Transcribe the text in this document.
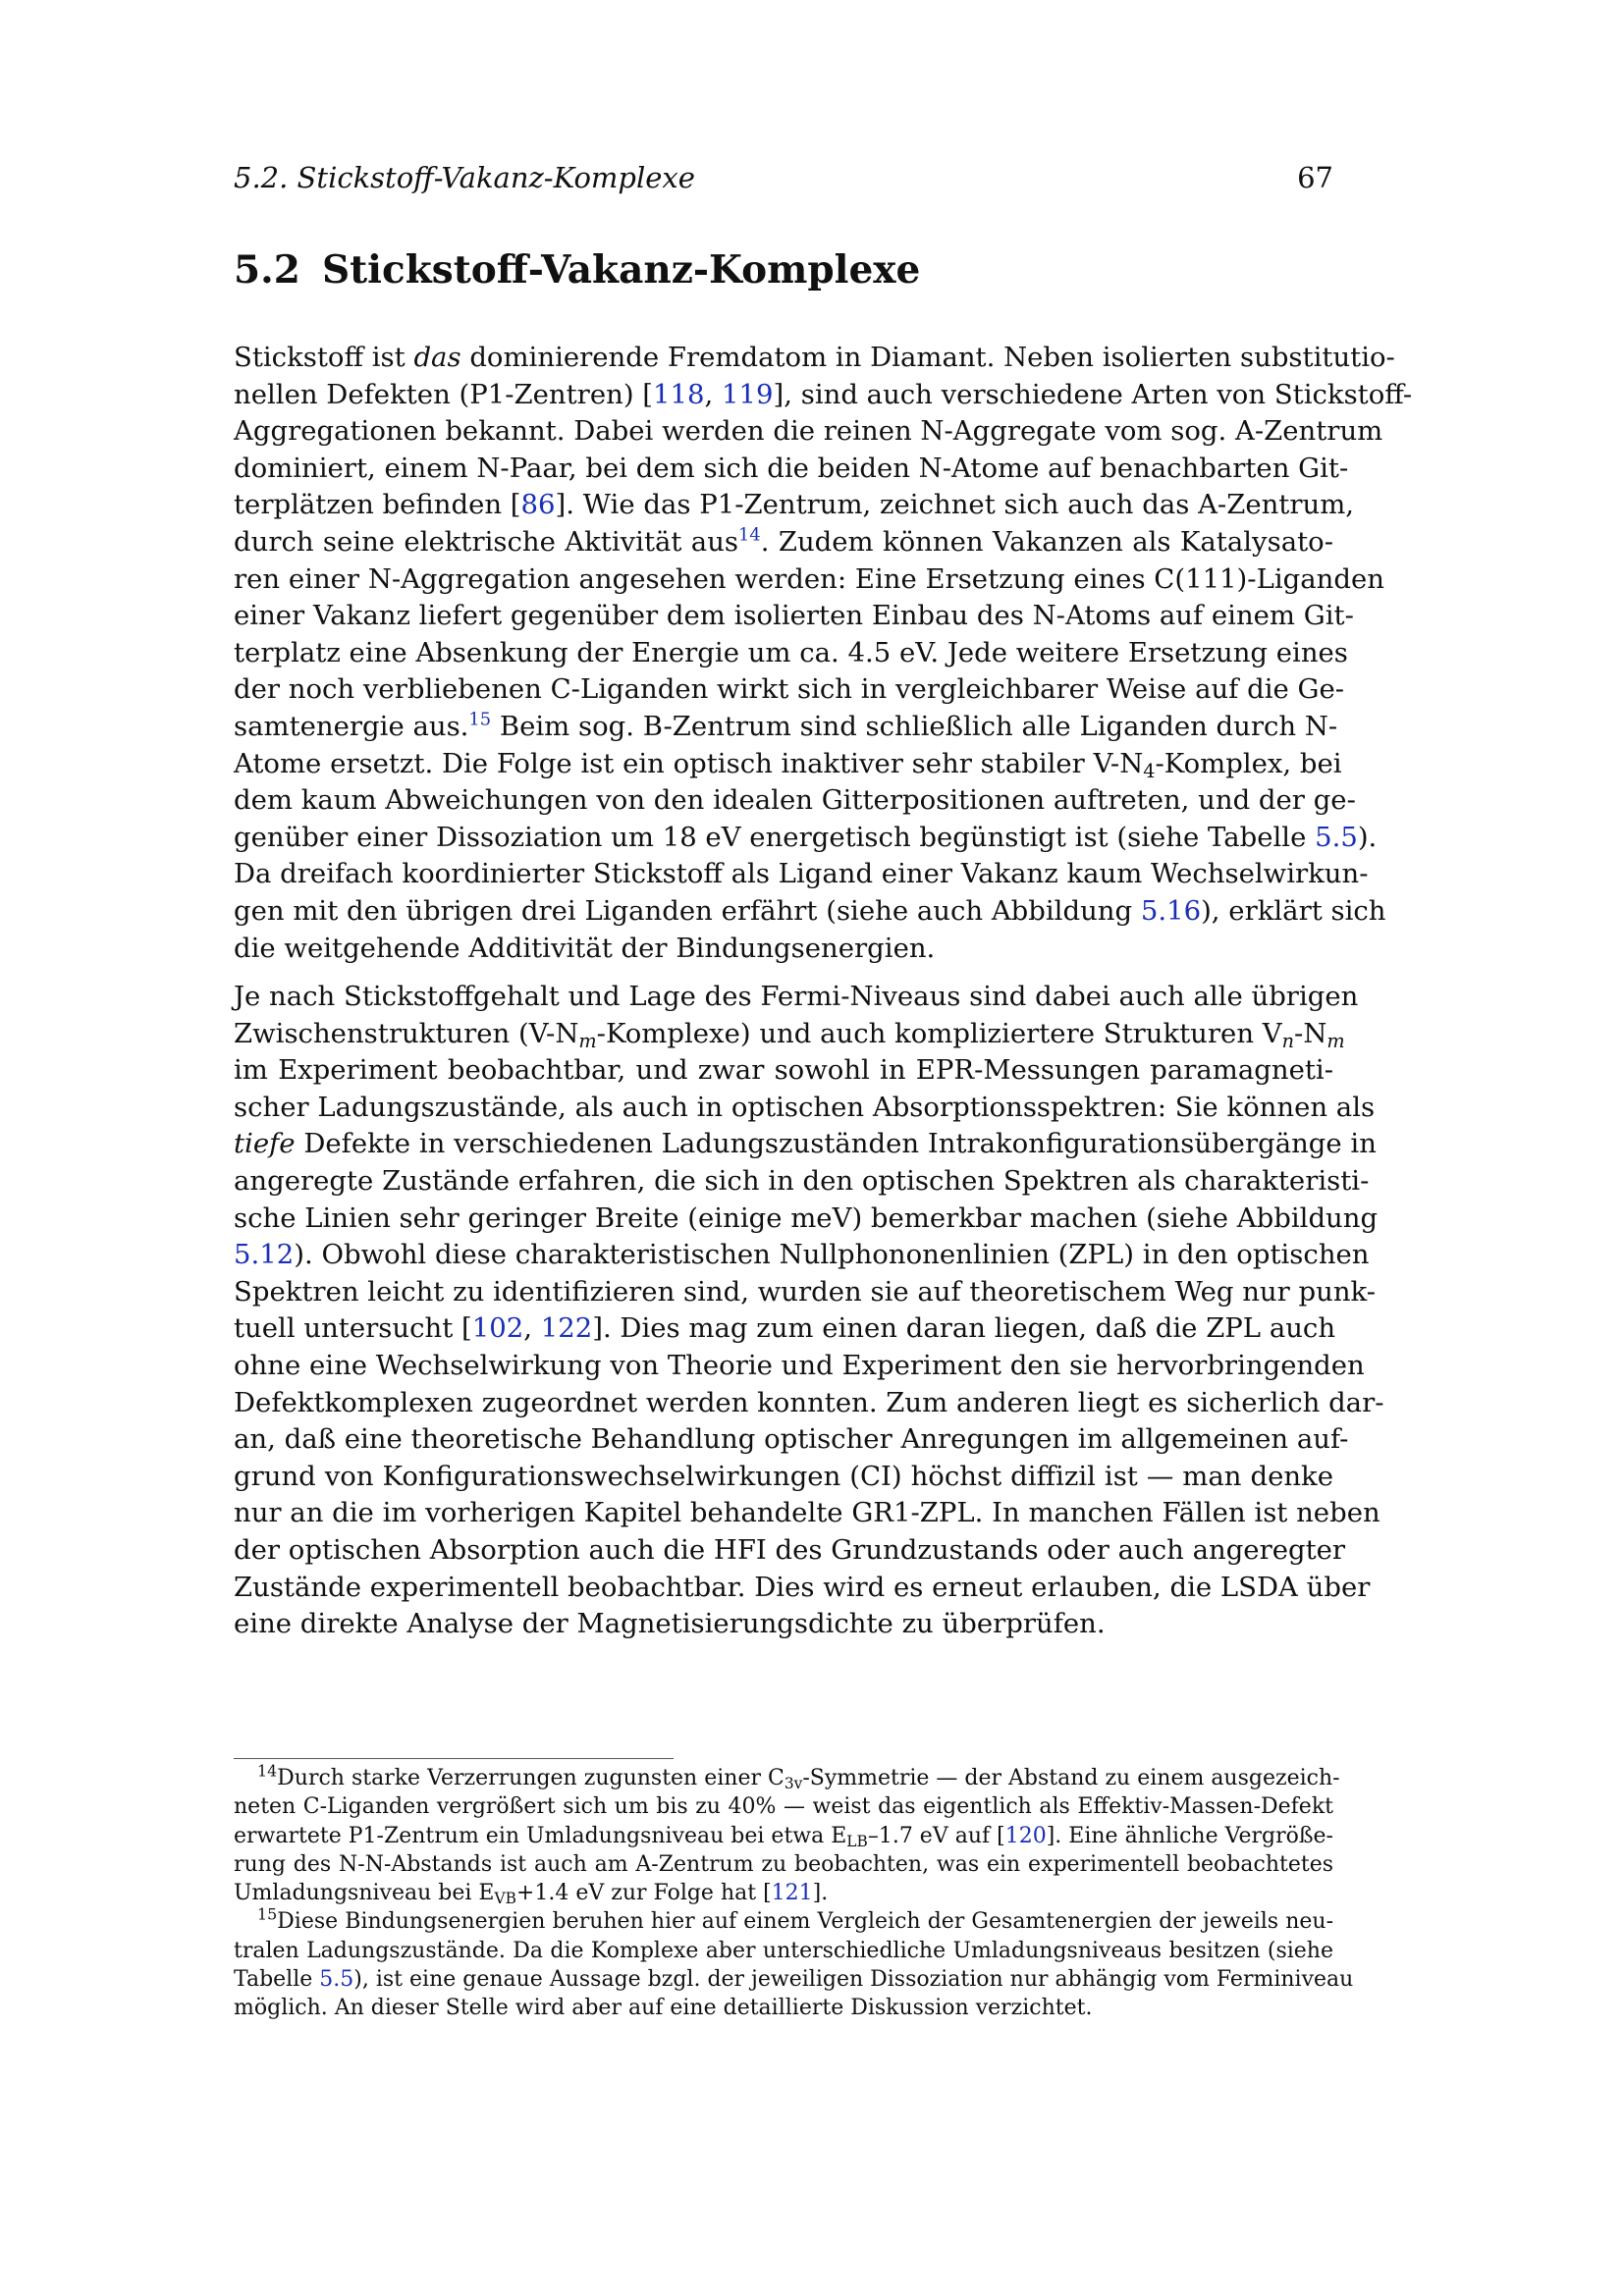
5.2. Stickstoff-Vakanz-Komplexe	67
5.2 Stickstoff-Vakanz-Komplexe
Stickstoff ist das dominierende Fremdatom in Diamant. Neben isolierten substitutio-
nellen Defekten (P1-Zentren) [118, 119], sind auch verschiedene Arten von Stickstoff-
Aggregationen bekannt. Dabei werden die reinen N-Aggregate vom sog. A-Zentrum
dominiert, einem N-Paar, bei dem sich die beiden N-Atome auf benachbarten Git-
terplätzen befinden [86]. Wie das P1-Zentrum, zeichnet sich auch das A-Zentrum,
durch seine elektrische Aktivität aus$^{14}$. Zudem können Vakanzen als Katalysato-
ren einer N-Aggregation angesehen werden: Eine Ersetzung eines C(111)-Liganden
einer Vakanz liefert gegenüber dem isolierten Einbau des N-Atoms auf einem Git-
terplatz eine Absenkung der Energie um ca. 4.5 eV. Jede weitere Ersetzung eines
der noch verbliebenen C-Liganden wirkt sich in vergleichbarer Weise auf die Ge-
samtenergie aus.$^{15}$ Beim sog. B-Zentrum sind schließlich alle Liganden durch N-
Atome ersetzt. Die Folge ist ein optisch inaktiver sehr stabiler $V-N_4$-Komplex, bei
dem kaum Abweichungen von den idealen Gitterpositionen auftreten, und der ge-
genüber einer Dissoziation um 18 eV energetisch begünstigt ist (siehe Tabelle 5.5).
Da dreifach koordinierter Stickstoff als Ligand einer Vakanz kaum Wechselwirkun-
gen mit den übrigen drei Liganden erfährt (siehe auch Abbildung 5.16), erklärt sich
die weitgehende Additivität der Bindungsenergien.
Je nach Stickstoffgehalt und Lage des Fermi-Niveaus sind dabei auch alle übrigen
Zwischenstrukturen $(V-N_m-Komplexe)$ und auch kompliziertere Strukturen $V_n-N_m$
im Experiment beobachtbar, und zwar sowohl in EPR-Messungen paramagneti-
scher Ladungszustände, als auch in optischen Absorptionsspektren: Sie können als
tiefe Defekte in verschiedenen Ladungszuständen Intrakonfigurationsübergänge in
angeregte Zustände erfahren, die sich in den optischen Spektren als charakteristi-
sche Linien sehr geringer Breite (einige meV) bemerkbar machen (siehe Abbildung
5.12). Obwohl diese charakteristischen Nullphononenlinien (ZPL) in den optischen
Spektren leicht zu identifizieren sind, wurden sie auf theoretischem Weg nur punk-
tuell untersucht [102, 122]. Dies mag zum einen daran liegen, daß die ZPL auch
ohne eine Wechselwirkung von Theorie und Experiment den sie hervorbringenden
Defektkomplexen zugeordnet werden konnten. Zum anderen liegt es sicherlich dar-
an, daß eine theoretische Behandlung optischer Anregungen im allgemeinen auf-
grund von Konfigurationswechselwirkungen (CI) höchst diffizil ist — man denke
nur an die im vorherigen Kapitel behandelte GR1-ZPL. In manchen Fällen ist neben
der optischen Absorption auch die HFI des Grundzustands oder auch angeregter
Zustände experimentell beobachtbar. Dies wird es erneut erlauben, die LSDA über
eine direkte Analyse der Magnetisierungsdichte zu überprüfen.
$^{14}$Durch starke Verzerrungen zugunsten einer $C_{3v}$-Symmetrie — der Abstand zu einem ausgezeich-
neten C-Liganden vergrößert sich um bis zu 40% — weist das eigentlich als Effektiv-Massen-Defekt
erwartete P1-Zentrum ein Umladungsniveau bei etwa $E_{LB}-1.7$ eV auf [120]. Eine ähnliche Vergröße-
rung des N-N-Abstands ist auch am A-Zentrum zu beobachten, was ein experimentell beobachtetes
Umladungsniveau bei $E_{VB}+1.4$ eV zur Folge hat [121].
$^{15}$Diese Bindungsenergien beruhen hier auf einem Vergleich der Gesamtenergien der jeweils neu-
tralen Ladungszustände. Da die Komplexe aber unterschiedliche Umladungsniveaus besitzen (siehe
Tabelle 5.5), ist eine genaue Aussage bzgl. der jeweiligen Dissoziation nur abhängig vom Ferminiveau
möglich. An dieser Stelle wird aber auf eine detaillierte Diskussion verzichtet.
